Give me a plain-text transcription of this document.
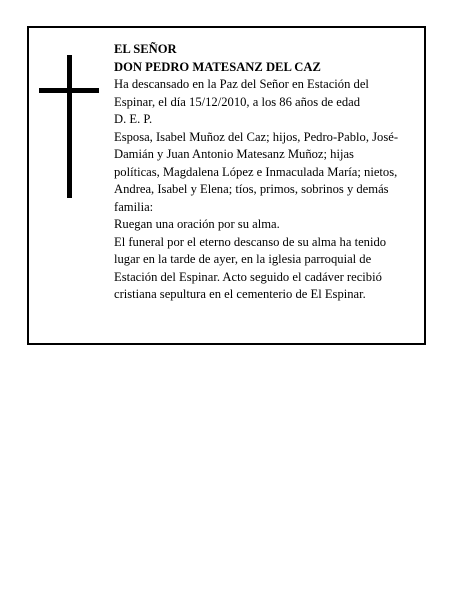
EL SEÑOR
DON PEDRO MATESANZ DEL CAZ
Ha descansado en la Paz del Señor en Estación del
Espinar, el día 15/12/2010, a los 86 años de edad
D. E. P.
Esposa, Isabel Muñoz del Caz; hijos, Pedro-Pablo, José-
Damián y Juan Antonio Matesanz Muñoz; hijas
políticas, Magdalena López e Inmaculada María; nietos,
Andrea, Isabel y Elena; tíos, primos, sobrinos y demás
familia:
Ruegan una oración por su alma.
El funeral por el eterno descanso de su alma ha tenido
lugar en la tarde de ayer, en la iglesia parroquial de
Estación del Espinar. Acto seguido el cadáver recibió
cristiana sepultura en el cementerio de El Espinar.
